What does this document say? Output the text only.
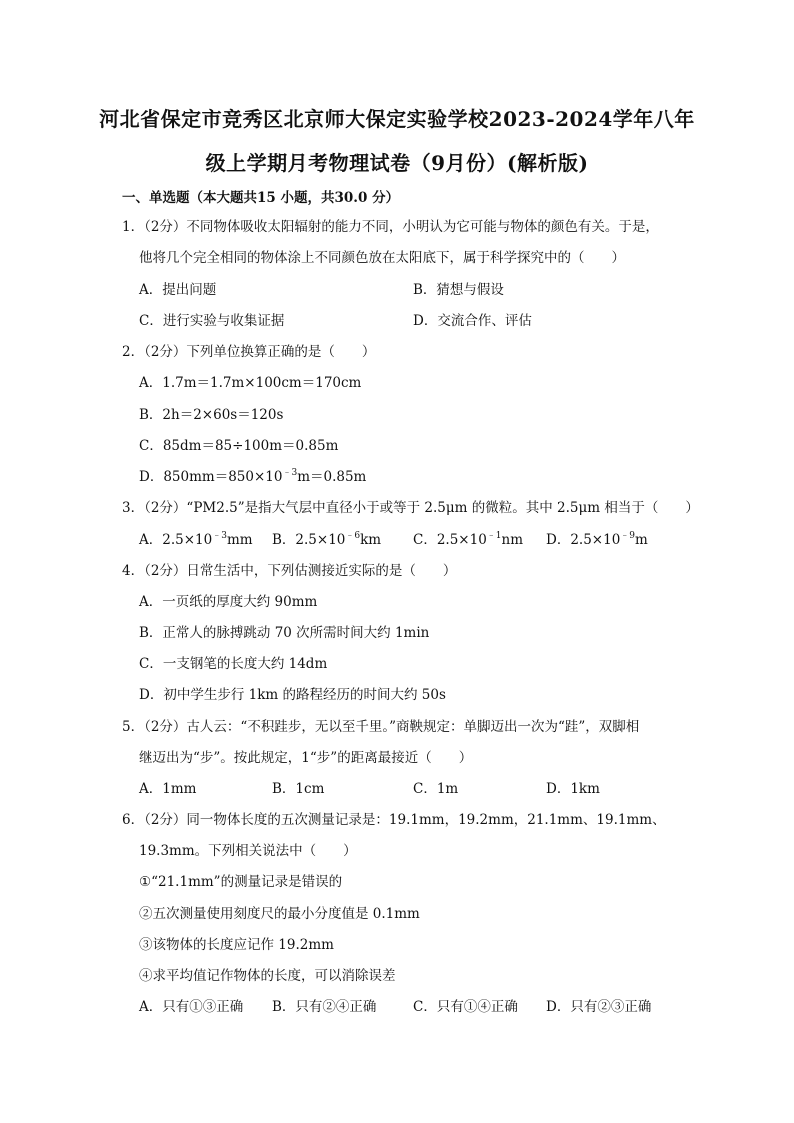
河北省保定市竞秀区北京师大保定实验学校2023-2024学年八年
级上学期月考物理试卷（9月份）(解析版)
一、单选题（本大题共15 小题，共30.0 分）
1．（2分）不同物体吸收太阳辐射的能力不同，小明认为它可能与物体的颜色有关。于是，
他将几个完全相同的物体涂上不同颜色放在太阳底下，属于科学探究中的（　　）
A．提出问题	B．猜想与假设
C．进行实验与收集证据	D．交流合作、评估
2．（2分）下列单位换算正确的是（　　）
A．1.7m＝1.7m×100cm＝170cm
B．2h＝2×60s＝120s
C．85dm＝85÷100m＝0.85m
D．$850mm=850\times 10^{﹣3}m=0.85m$
3．（2分）“PM2.5”是指大气层中直径小于或等于 2.5μm 的微粒。其中 2.5μm 相当于（　　）
A．$2.5\times 10^{﹣3}mm$ B．$2.5\times 10^{﹣6}km$ C．$2.5\times 10^{﹣1}nm$ D．$2.5\times 10^{﹣9}m$
4．（2分）日常生活中，下列估测接近实际的是（　　）
A．一页纸的厚度大约 90mm
B．正常人的脉搏跳动 70 次所需时间大约 1min
C．一支钢笔的长度大约 14dm
D．初中学生步行 1km 的路程经历的时间大约 50s
5．（2分）古人云：“不积跬步，无以至千里。”商鞅规定：单脚迈出一次为“跬”，双脚相
继迈出为“步”。按此规定，1“步”的距离最接近（　　）
A．1mm	B．1cm	C．1m	D．1km
6．（2分）同一物体长度的五次测量记录是：19.1mm，19.2mm，21.1mm、19.1mm、
19.3mm。下列相关说法中（　　）
①“21.1mm”的测量记录是错误的
②五次测量使用刻度尺的最小分度值是 0.1mm
③该物体的长度应记作 19.2mm
④求平均值记作物体的长度，可以消除误差
A．只有①③正确 B．只有②④正确	C．只有①④正确 D．只有②③正确
